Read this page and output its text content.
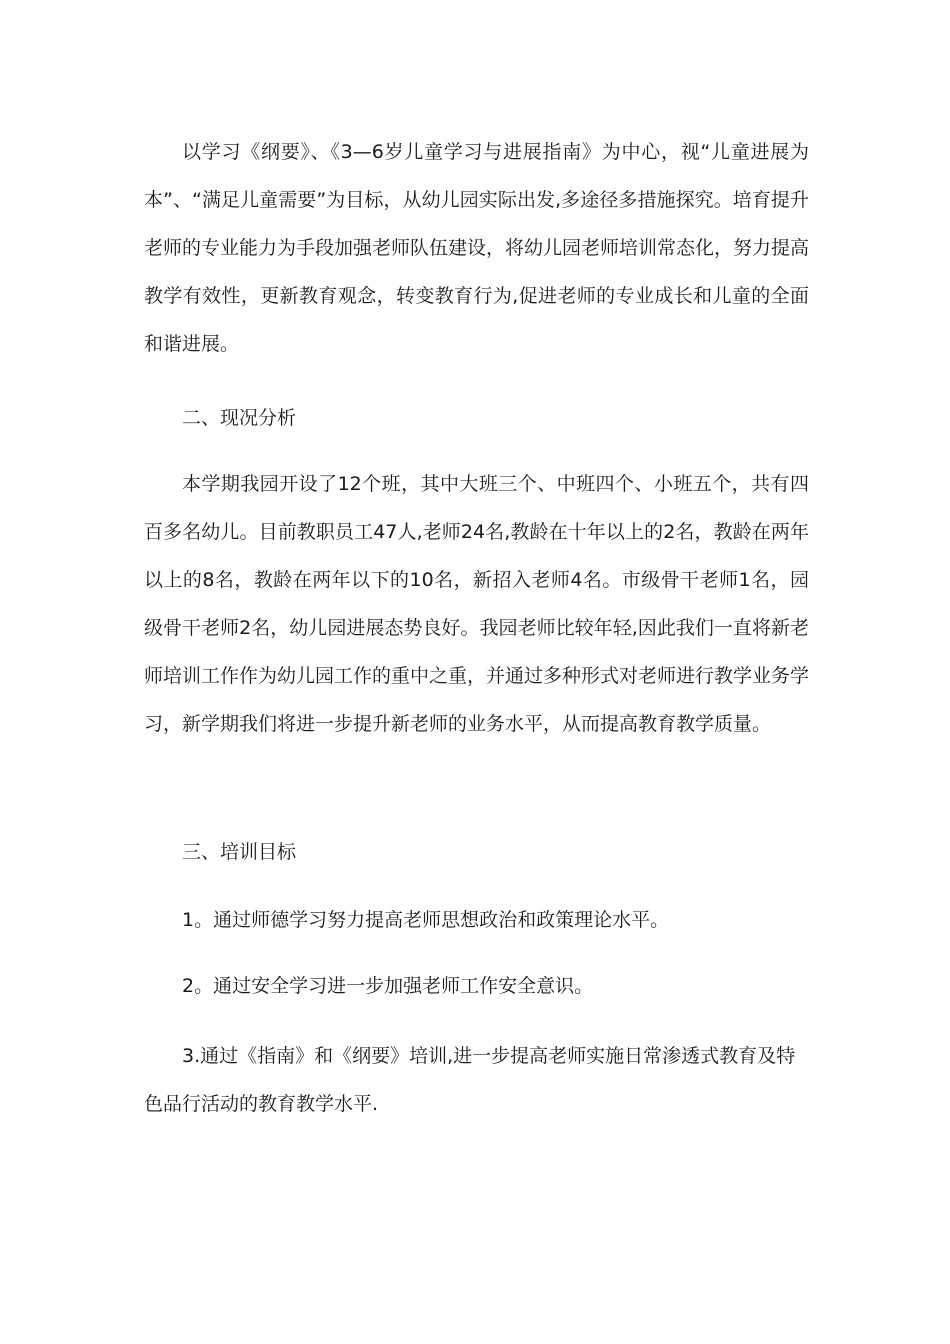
以学习《纲要》、《3—6岁儿童学习与进展指南》为中心，视“儿童进展为本”、“满足儿童需要”为目标，从幼儿园实际出发,多途径多措施探究。培育提升老师的专业能力为手段加强老师队伍建设，将幼儿园老师培训常态化，努力提高教学有效性，更新教育观念，转变教育行为,促进老师的专业成长和儿童的全面和谐进展。

二、现况分析

本学期我园开设了12个班，其中大班三个、中班四个、小班五个，共有四百多名幼儿。目前教职员工47人,老师24名,教龄在十年以上的2名，教龄在两年以上的8名，教龄在两年以下的10名，新招入老师4名。市级骨干老师1名，园级骨干老师2名，幼儿园进展态势良好。我园老师比较年轻,因此我们一直将新老师培训工作作为幼儿园工作的重中之重，并通过多种形式对老师进行教学业务学习，新学期我们将进一步提升新老师的业务水平，从而提高教育教学质量。

三、培训目标

1。通过师德学习努力提高老师思想政治和政策理论水平。

2。通过安全学习进一步加强老师工作安全意识。

3.通过《指南》和《纲要》培训,进一步提高老师实施日常渗透式教育及特色品行活动的教育教学水平.
